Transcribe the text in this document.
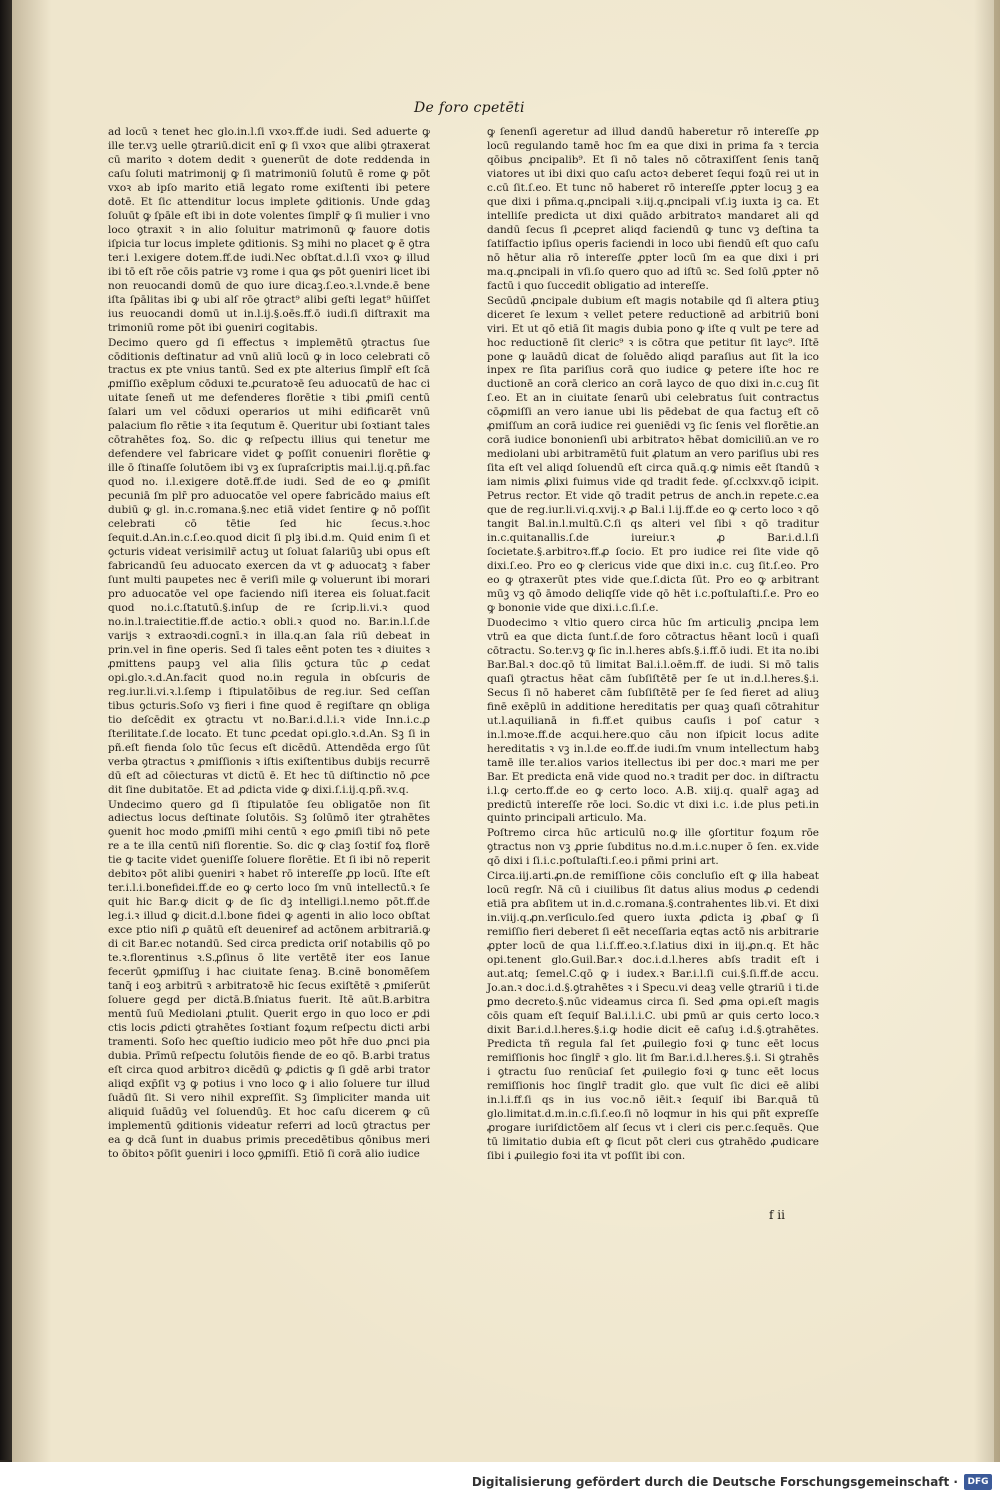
De foro cpetēti

ad locū ꝛ tenet hec glo.in.l.ſi vxoꝛ.ff.de iudi. Sed aduerte ꝙ ille ter.vꝫ uelle ꝯtrariū.dicit enī ꝙ ſi vxoꝛ que alibi ꝯtraxerat cū marito ꝛ dotem dedit ꝛ ꝯuenerūt de dote reddenda in caſu ſoluti matrimonij ꝙ ſi matrimoniū ſolutū ē rome ꝙ pōt vxoꝛ ab ipſo marito etiā legato rome exiſtenti ibi petere dotē. Et ſic attenditur locus implete ꝯditionis. Unde gdaꝫ ſoluūt ꝙ ſpāle eſt ibi in dote volentes ſimplr̄ ꝙ ſi mulier i vno loco ꝯtraxit ꝛ in alio ſoluitur matrimonū ꝙ fauore dotis iſpicia tur locus implete ꝯditionis. Sꝫ mihi no placet ꝙ ē ꝯtra ter.i l.exigere dotem.ff.de iudi.Nec obſtat.d.l.ſi vxoꝛ ꝙ illud ibi tō eſt rōe cōis patrie vꝫ rome i qua ꝙs pōt ꝯueniri licet ibi non reuocandi domū de quo iure dicaꝫ.ſ.eo.ꝛ.l.vnde.ē bene iſta ſpālitas ibi ꝙ ubi alſ rōe ꝯtract⁹ alibi geſti legat⁹ hūiſſet ius reuocandi domū ut in.l.ij.§.oēs.ff.ō iudi.ſi diſtraxit ma trimoniū rome pōt ibi ꝯueniri cogitabis.

Decimo quero gd ſi effectus ꝛ implemētū ꝯtractus ſue cōditionis deſtinatur ad vnū aliū locū ꝙ in loco celebrati cō tractus ex pte vnius tantū. Sed ex pte alterius ſimplr̄ eſt ſcā ꝓmiſſio exēplum cōduxi te.ꝓcuratoꝛē ſeu aduocatū de hac ci uitate ſeneñ ut me defenderes florētie ꝛ tibi ꝓmiſi centū ſalari um vel cōduxi operarios ut mihi edificarēt vnū palacium flo rētie ꝛ ita ſequtum ē. Queritur ubi ſoꝛtiant tales cōtrahētes foꝝ. So. dic ꝙ reſpectu illius qui tenetur me defendere vel fabricare videt ꝙ poſſit conueniri florētie ꝙ ille ō ſtinaſſe ſolutōem ibi vꝫ ex ſupraſcriptis mai.l.ij.q.pñ.fac quod no. i.l.exigere dotē.ff.de iudi. Sed de eo ꝙ ꝓmiſit pecuniā ſm plr̄ pro aduocatōe vel opere fabricādo maius eſt dubiū ꝙ gl. in.c.romana.§.nec etiā videt ſentire ꝙ nō poſſit celebrati cō tētie ſed hic ſecus.ꝛ.hoc ſequit.d.An.in.c.ſ.eo.quod dicit ſi plꝫ ibi.d.m. Quid enim ſi et ꝯcturis videat verisimilr̄ actuꝫ ut ſoluat ſalariūꝫ ubi opus eſt fabricandū ſeu aduocato exercen da vt ꝙ aduocatꝫ ꝛ faber ſunt multi paupetes nec ē veriſi mile ꝙ voluerunt ibi morari pro aduocatōe vel ope faciendo niſi iterea eis ſoluat.facit quod no.i.c.ſtatutū.§.inſup de re ſcrip.li.vi.ꝛ quod no.in.l.traiectitie.ff.de actio.ꝛ obli.ꝛ quod no. Bar.in.l.ſ.de varijs ꝛ extraoꝛdi.cognī.ꝛ in illa.q.an ſala riū debeat in prin.vel in fine operis. Sed ſi tales eēnt poten tes ꝛ diuites ꝛ ꝓmittens paupꝫ vel alia ſilis ꝯctura tūc ꝓ cedat opi.glo.ꝛ.d.An.facit quod no.in regula in obſcuris de reg.iur.li.vi.ꝛ.l.ſemp i ſtipulatōibus de reg.iur. Sed ceſſan tibus ꝯcturis.Soſo vꝫ fieri i fine quod ē regiſtare qn obliga tio deſcēdit ex ꝯtractu vt no.Bar.i.d.l.i.ꝛ vide Inn.i.c.ꝓ ſterilitate.ſ.de locato. Et tunc ꝓcedat opi.glo.ꝛ.d.An. Sꝫ ſi in pñ.eſt fienda ſolo tūc ſecus eſt dicēdū. Attendēda ergo ſūt verba ꝯtractus ꝛ ꝓmiſſionis ꝛ iſtis exiſtentibus dubijs recurrē dū eſt ad cōiecturas vt dictū ē. Et hec tū diſtinctio nō ꝓce dit ſine dubitatōe. Et ad ꝓdicta vide ꝙ dixi.ſ.i.ij.q.pñ.ꝛv.q.

Undecimo quero gd ſi ſtipulatōe ſeu obligatōe non ſit adiectus locus deſtinate ſolutōis. Sꝫ ſolūmō iter ꝯtrahētes ꝯuenit hoc modo ꝓmiſſi mihi centū ꝛ ego ꝓmiſi tibi nō pete re a te illa centū niſi florentie. So. dic ꝙ claꝫ ſoꝛtiſ foꝝ florē tie ꝙ tacite videt ꝯueniſſe ſoluere florētie. Et ſi ibi nō reperit debitoꝛ pōt alibi ꝯueniri ꝛ habet rō intereſſe ꝓp locū. Iſte eſt ter.i.l.i.bonefidei.ff.de eo ꝙ certo loco ſm vnū intellectū.ꝛ ſe quit hic Bar.ꝙ dicit ꝙ de ſic dꝫ intelligi.l.nemo pōt.ff.de leg.i.ꝛ illud ꝙ dicit.d.l.bone fidei ꝙ agenti in alio loco obſtat exce ptio niſi ꝓ quātū eſt deueniref ad actōnem arbitrariā.ꝙ di cit Bar.ec notandū. Sed circa predicta oriſ notabilis qō po te.ꝛ.florentinus ꝛ.S.ꝓſinus ō lite vertētē iter eos Ianue fecerūt ꝯꝓmiſſuꝫ i hac ciuitate ſenaꝫ. B.cinē bonomēſem tanq̄ i eoꝫ arbitrū ꝛ arbitratoꝛē hic ſecus exiſtētē ꝛ ꝓmiſerūt ſoluere gegd per dictā.B.ſniatus fuerit. Itē aūt.B.arbitra mentū ſuū Mediolani ꝓtulit. Querit ergo in quo loco er ꝓdi ctis locis ꝓdicti ꝯtrahētes ſoꝛtiant foꝝum reſpectu dicti arbi tramenti. Soſo hec queſtio iudicio meo pōt hr̄e duo ꝓnci pia dubia. Prīmū reſpectu ſolutōis fiende de eo qō. B.arbi tratus eſt circa quod arbitroꝛ dicēdū ꝙ ꝓdictis ꝙ ſi gdē arbi trator aliqd exp̄ſit vꝫ ꝙ potius i vno loco ꝙ i alio ſoluere tur illud ſuādū ſit. Si vero nihil expreſſit. Sꝫ ſimpliciter manda uit aliquid ſuādūꝫ vel ſoluendūꝫ. Et hoc caſu dicerem ꝙ cū implementū ꝯditionis videatur referri ad locū ꝯtractus per ea ꝙ dcā ſunt in duabus primis precedētibus qōnibus meri to ōbitoꝛ pōſit ꝯueniri i loco ꝯꝓmiſſi. Etiō ſi corā alio iudice

ꝙ ſenenſi ageretur ad illud dandū haberetur rō intereſſe ꝓp locū regulando tamē hoc ſm ea que dixi in prima fa ꝛ tercia qōibus ꝓncipalib⁹. Et ſi nō tales nō cōtraxiſſent ſenis tanq̄ viatores ut ibi dixi quo caſu actoꝛ deberet ſequi foꝝū rei ut in c.cū ſit.ſ.eo. Et tunc nō haberet rō intereſſe ꝓpter locuꝫ ꝫ ea que dixi i pñma.q.ꝓncipali ꝛ.iij.q.ꝓncipali vſ.iꝫ iuxta iꝫ ca. Et intelliſe predicta ut dixi quādo arbitratoꝛ mandaret ali qd dandū ſecus ſi ꝓcepret aliqd faciendū ꝙ tunc vꝫ deſtina ta ſatiſfactio ipſius operis faciendi in loco ubi fiendū eſt quo caſu nō hētur alia rō intereſſe ꝓpter locū ſm ea que dixi i pri ma.q.ꝓncipali in vſi.ſo quero quo ad iſtū ꝛc. Sed ſolū ꝓpter nō factū i quo ſuccedit obligatio ad intereſſe.

Secūdū ꝓncipale dubium eſt magis notabile qd ſi altera ꝑtiuꝫ diceret ſe lexum ꝛ vellet petere reductionē ad arbitriū boni viri. Et ut qō etiā ſit magis dubia pono ꝙ iſte q vult pe tere ad hoc reductionē ſit cleric⁹ ꝛ is cōtra que petitur ſit layc⁹. Iſtē pone ꝙ lauādū dicat de ſoluēdo aliqd paraſius aut ſit la ico inpex re ſita pariſius corā quo iudice ꝙ petere iſte hoc re ductionē an corā clerico an corā layco de quo dixi in.c.cuꝫ ſit ſ.eo. Et an in ciuitate ſenarū ubi celebratus ſuit contractus cōꝓmiſſi an vero ianue ubi lis pēdebat de qua factuꝫ eſt cō ꝓmiſſum an corā iudice rei ꝯueniēdi vꝫ ſic ſenis vel florētie.an corā iudice bononienſi ubi arbitratoꝛ hēbat domiciliū.an ve ro mediolani ubi arbitramētū fuit ꝓlatum an vero pariſius ubi res ſita eſt vel aliqd ſoluendū eſt circa quā.q.ꝙ nimis eēt ſtandū ꝛ iam nimis ꝓlixi fuimus vide qd tradit fede. ꝯſ.cclxxv.qō icipit. Petrus rector. Et vide qō tradit petrus de anch.in repete.c.ea que de reg.iur.li.vi.q.xvij.ꝛ ꝓ Bal.i l.ij.ff.de eo ꝙ certo loco ꝛ qō tangit Bal.in.l.multū.C.ſi qs alteri vel ſibi ꝛ qō traditur in.c.quitanallis.ſ.de iureiur.ꝛ ꝓ Bar.i.d.l.ſi ſocietate.§.arbitroꝛ.ff.ꝓ ſocio. Et pro iudice rei ſite vide qō dixi.ſ.eo. Pro eo ꝙ clericus vide que dixi in.c. cuꝫ ſit.ſ.eo. Pro eo ꝙ ꝯtraxerūt ptes vide que.ſ.dicta ſūt. Pro eo ꝙ arbitrant mūꝫ vꝫ qō āmodo deliqſſe vide qō hēt i.c.poſtulaſti.ſ.e. Pro eo ꝙ bononie vide que dixi.i.c.ſi.ſ.e.

Duodecimo ꝛ vltio quero circa hūc ſm articuliꝫ ꝓncipa lem vtrū ea que dicta ſunt.ſ.de foro cōtractus hēant locū i quaſi cōtractu. So.ter.vꝫ ꝙ ſic in.l.heres abſs.§.i.ff.ō iudi. Et ita no.ibi Bar.Bal.ꝛ doc.qō tū limitat Bal.i.l.oēm.ff. de iudi. Si mō talis quaſi ꝯtractus hēat cām ſubſiſtētē per ſe ut in.d.l.heres.§.i. Secus ſi nō haberet cām ſubſiſtētē per ſe ſed fieret ad aliuꝫ finē exēplū in additione hereditatis per quaꝫ quaſi cōtrahitur ut.l.aquilianā in fi.ff.et quibus cauſis i poſ catur ꝛ in.l.moꝛe.ff.de acqui.here.quo cāu non iſpicit locus adite hereditatis ꝛ vꝫ in.l.de eo.ff.de iudi.ſm vnum intellectum habꝫ tamē ille ter.alios varios itellectus ibi per doc.ꝛ mari me per Bar. Et predicta enā vide quod no.ꝛ tradit per doc. in diſtractu i.l.ꝙ certo.ff.de eo ꝙ certo loco. A.B. xiij.q. qualr̄ agaꝫ ad predictū intereſſe rōe loci. So.dic vt dixi i.c. i.de plus peti.in quinto principali articulo. Ma.

Poſtremo circa hūc articulū no.ꝙ ille ꝯſortitur foꝝum rōe ꝯtractus non vꝫ ꝓprie ſubditus no.d.m.i.c.nuper ō ſen. ex.vide qō dixi i ſi.i.c.poſtulaſti.ſ.eo.i pñmi prini art.

Circa.iij.arti.ꝓn.de remiſſione cōis concluſio eſt ꝙ illa habeat locū regſr. Nā cū i ciuilibus ſit datus alius modus ꝓ cedendi etiā pra abſitem ut in.d.c.romana.§.contrahentes lib.vi. Et dixi in.viij.q.ꝓn.verſiculo.ſed quero iuxta ꝓdicta iꝫ ꝓbaſ ꝙ ſi remiſſio fieri deberet ſi eēt neceſſaria eqtas actō nis arbitrarie ꝓpter locū de qua l.i.ſ.ff.eo.ꝛ.ſ.latius dixi in iij.ꝓn.q. Et hāc opi.tenent glo.Guil.Bar.ꝛ doc.i.d.l.heres abſs tradit eſt i aut.atq; ſemel.C.qō ꝙ i iudex.ꝛ Bar.i.l.ſi cui.§.ſi.ff.de accu. Jo.an.ꝛ doc.i.d.§.ꝯtrahētes ꝛ i Specu.vi deaꝫ velle ꝯtrariū i ti.de ꝑmo decreto.§.nūc videamus circa ſi. Sed ꝓma opi.eſt magis cōis quam eſt ſequiſ Bal.i.l.i.C. ubi ꝑmū ar quis certo loco.ꝛ dixit Bar.i.d.l.heres.§.i.ꝙ hodie dicit eē caſuꝫ i.d.§.ꝯtrahētes. Predicta tñ regula fal ſet ꝓuilegio foꝛi ꝙ tunc eēt locus remiſſionis hoc ſinglr̄ ꝛ glo. lit ſm Bar.i.d.l.heres.§.i. Si ꝯtrahēs i ꝯtractu ſuo renūciaſ ſet ꝓuilegio foꝛi ꝙ tunc eēt locus remiſſionis hoc ſinglr̄ tradit glo. que vult ſic dici eē alibi in.l.i.ff.ſi qs in ius voc.nō iēit.ꝛ ſequiſ ibi Bar.quā tū glo.limitat.d.m.in.c.ſi.ſ.eo.ſi nō loqmur in his qui pñt expreſſe ꝓrogare iuriſdictōem alſ ſecus vt i cleri cis per.c.ſequēs. Que tū limitatio dubia eſt ꝙ ſicut pōt cleri cus ꝯtrahēdo ꝓudicare ſibi i ꝓuilegio foꝛi ita vt poſſit ibi con.

f ii
Digitalisierung gefördert durch die Deutsche Forschungsgemeinschaft ·	DFG
